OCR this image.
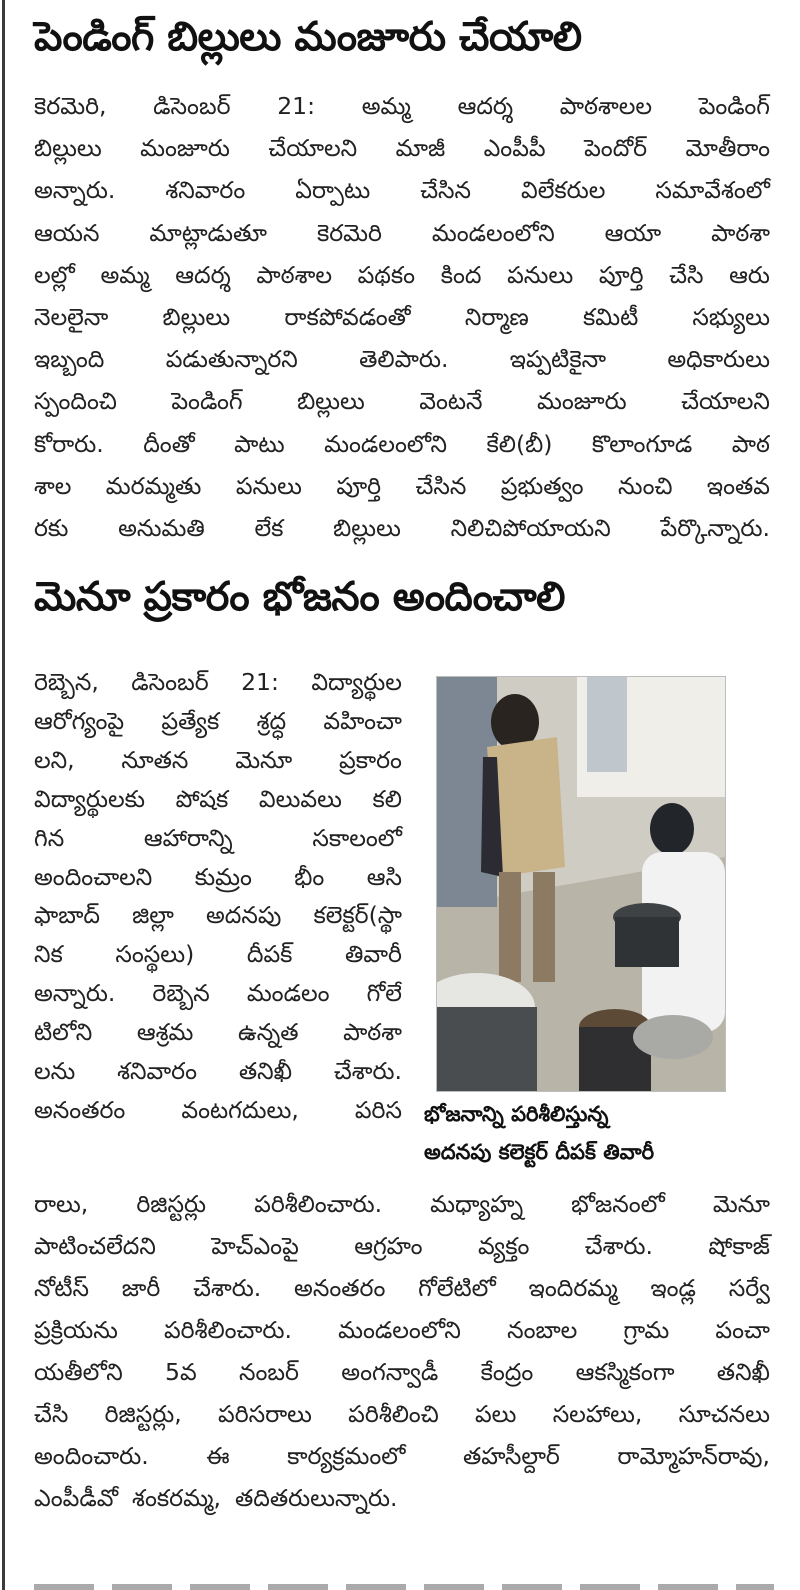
పెండింగ్ బిల్లులు మంజూరు చేయాలి
కెరమెరి, డిసెంబర్ 21: అమ్మ ఆదర్శ పాఠశాలల పెండింగ్
బిల్లులు మంజూరు చేయాలని మాజీ ఎంపీపీ పెందోర్ మోతీరాం
అన్నారు. శనివారం ఏర్పాటు చేసిన విలేకరుల సమావేశంలో
ఆయన మాట్లాడుతూ కెరమెరి మండలంలోని ఆయా పాఠశా
లల్లో అమ్మ ఆదర్శ పాఠశాల పథకం కింద పనులు పూర్తి చేసి ఆరు
నెలలైనా బిల్లులు రాకపోవడంతో నిర్మాణ కమిటీ సభ్యులు
ఇబ్బంది	పడుతున్నారని	తెలిపారు.	ఇప్పటికైనా	అధికారులు
స్పందించి పెండింగ్ బిల్లులు వెంటనే మంజూరు చేయాలని
కోరారు. దీంతో పాటు మండలంలోని కేలి(బీ) కొలాంగూడ పాఠ
శాల మరమ్మతు పనులు పూర్తి చేసిన ప్రభుత్వం నుంచి ఇంతవ
రకు అనుమతి లేక బిల్లులు నిలిచిపోయాయని పేర్కొన్నారు.
మెనూ ప్రకారం భోజనం అందించాలి
రెబ్బెన, డిసెంబర్ 21: విద్యార్థుల
ఆరోగ్యంపై ప్రత్యేక శ్రద్ధ వహించా
లని, నూతన మెనూ ప్రకారం
విద్యార్థులకు పోషక విలువలు కలి
గిన	ఆహారాన్ని	సకాలంలో
అందించాలని కుమ్రం భీం ఆసి
ఫాబాద్ జిల్లా అదనపు కలెక్టర్(స్థా
నిక సంస్థలు) దీపక్ తివారీ
అన్నారు. రెబ్బెన మండలం గోలే
టిలోని ఆశ్రమ ఉన్నత పాఠశా
లను శనివారం తనిఖీ చేశారు.
అనంతరం వంటగదులు, పరిస భోజనాన్ని పరిశీలిస్తున్న
అదనపు కలెక్టర్ దీపక్ తివారీ
రాలు, రిజిస్టర్లు పరిశీలించారు. మధ్యాహ్న భోజనంలో మెనూ
పాటించలేదని హెచ్ఎంపై ఆగ్రహం వ్యక్తం చేశారు. షోకాజ్
నోటీస్ జారీ చేశారు. అనంతరం గోలేటిలో ఇందిరమ్మ ఇండ్ల సర్వే
ప్రక్రియను పరిశీలించారు. మండలంలోని నంబాల గ్రామ పంచా
యతీలోని 5వ నంబర్ అంగన్వాడీ కేంద్రం ఆకస్మికంగా తనిఖీ
చేసి రిజిస్టర్లు, పరిసరాలు పరిశీలించి పలు సలహాలు, సూచనలు
అందించారు. ఈ కార్యక్రమంలో తహసీల్దార్ రామ్మోహన్‌రావు,
ఎంపీడీవో శంకరమ్మ, తదితరులున్నారు.
